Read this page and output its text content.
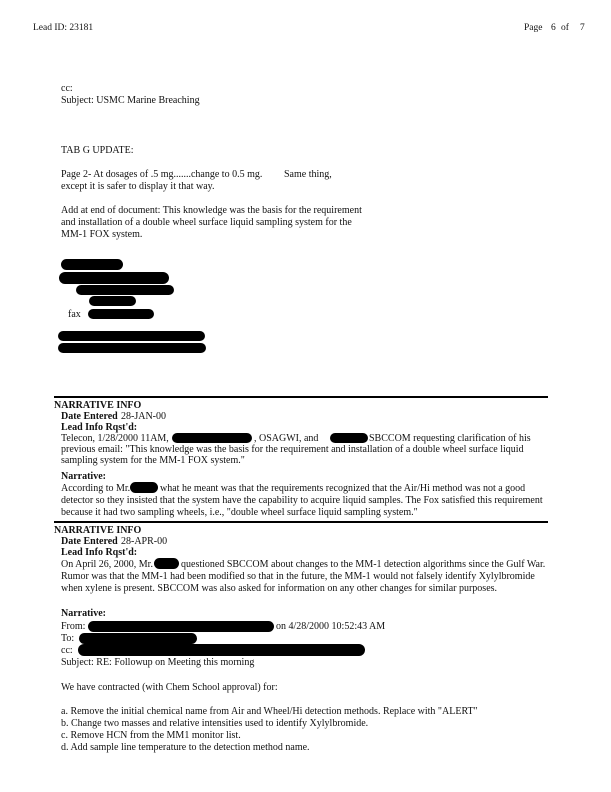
Lead ID: 23181	Page 6 of 7
cc:
Subject: USMC Marine Breaching
TAB G UPDATE:
Page 2- At dosages of .5 mg.......change to 0.5 mg. Same thing,
except it is safer to display it that way.
Add at end of document: This knowledge was the basis for the requirement
and installation of a double wheel surface liquid sampling system for the
MM-1 FOX system.
fax
NARRATIVE INFO
Date Entered 28-JAN-00
Lead Info Rqst'd:
Telecon, 1/28/2000 11AM,	, OSAGWI, and	SBCCOM requesting clarification of his
previous email: "This knowledge was the basis for the requirement and installation of a double wheel surface liquid
sampling system for the MM-1 FOX system."
Narrative:
According to Mr.	what he meant was that the requirements recognized that the Air/Hi method was not a good
detector so they insisted that the system have the capability to acquire liquid samples. The Fox satisfied this requirement
because it had two sampling wheels, i.e., "double wheel surface liquid sampling system."
NARRATIVE INFO
Date Entered 28-APR-00
Lead Info Rqst'd:
On April 26, 2000, Mr.	questioned SBCCOM about changes to the MM-1 detection algorithms since the Gulf War.
Rumor was that the MM-1 had been modified so that in the future, the MM-1 would not falsely identify Xylylbromide
when xylene is present. SBCCOM was also asked for information on any other changes for similar purposes.
Narrative:
From:	on 4/28/2000 10:52:43 AM
To:
cc:
Subject: RE: Followup on Meeting this morning
We have contracted (with Chem School approval) for:
a. Remove the initial chemical name from Air and Wheel/Hi detection methods. Replace with "ALERT"
b. Change two masses and relative intensities used to identify Xylylbromide.
c. Remove HCN from the MM1 monitor list.
d. Add sample line temperature to the detection method name.
